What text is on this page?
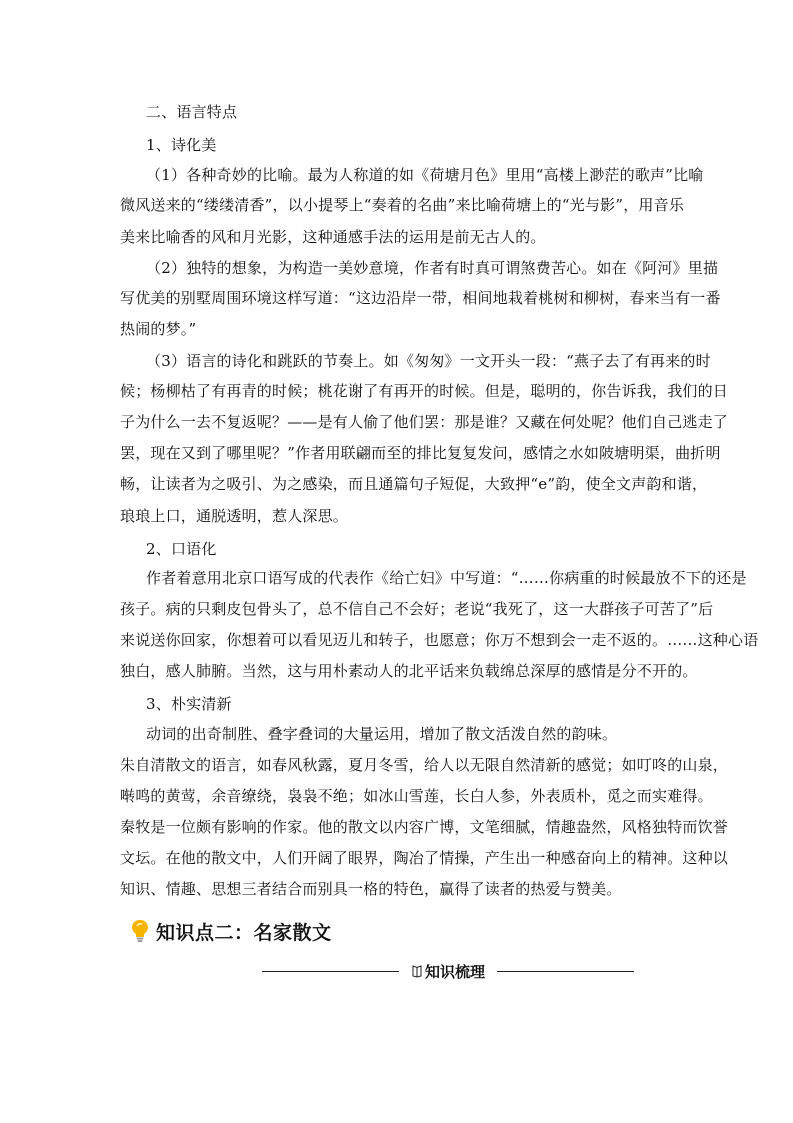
二、语言特点
1、诗化美
（1）各种奇妙的比喻。最为人称道的如《荷塘月色》里用“高楼上渺茫的歌声”比喻
微风送来的“缕缕清香”，以小提琴上“奏着的名曲”来比喻荷塘上的“光与影”，用音乐
美来比喻香的风和月光影，这种通感手法的运用是前无古人的。
（2）独特的想象，为构造一美妙意境，作者有时真可谓煞费苦心。如在《阿河》里描
写优美的别墅周围环境这样写道：“这边沿岸一带，相间地栽着桃树和柳树，春来当有一番
热闹的梦。”
（3）语言的诗化和跳跃的节奏上。如《匆匆》一文开头一段：“燕子去了有再来的时
候；杨柳枯了有再青的时候；桃花谢了有再开的时候。但是，聪明的，你告诉我，我们的日
子为什么一去不复返呢？——是有人偷了他们罢：那是谁？又藏在何处呢？他们自己逃走了
罢，现在又到了哪里呢？”作者用联翩而至的排比复复发问，感情之水如陂塘明渠，曲折明
畅，让读者为之吸引、为之感染，而且通篇句子短促，大致押“e”韵，使全文声韵和谐，
琅琅上口，通脱透明，惹人深思。
2、口语化
作者着意用北京口语写成的代表作《给亡妇》中写道：“……你病重的时候最放不下的还是
孩子。病的只剩皮包骨头了，总不信自己不会好；老说“我死了，这一大群孩子可苦了”后
来说送你回家，你想着可以看见迈儿和转子，也愿意；你万不想到会一走不返的。……这种心语
独白，感人肺腑。当然，这与用朴素动人的北平话来负载绵总深厚的感情是分不开的。
3、朴实清新
动词的出奇制胜、叠字叠词的大量运用，增加了散文活泼自然的韵味。
朱自清散文的语言，如春风秋露，夏月冬雪，给人以无限自然清新的感觉；如叮咚的山泉，
啭鸣的黄莺，余音缭绕，袅袅不绝；如冰山雪莲，长白人参，外表质朴，觅之而实难得。
秦牧是一位颇有影响的作家。他的散文以内容广博，文笔细腻，情趣盎然，风格独特而饮誉
文坛。在他的散文中，人们开阔了眼界，陶冶了情操，产生出一种感奋向上的精神。这种以
知识、情趣、思想三者结合而别具一格的特色，赢得了读者的热爱与赞美。
知识点二：名家散文
知识梳理
